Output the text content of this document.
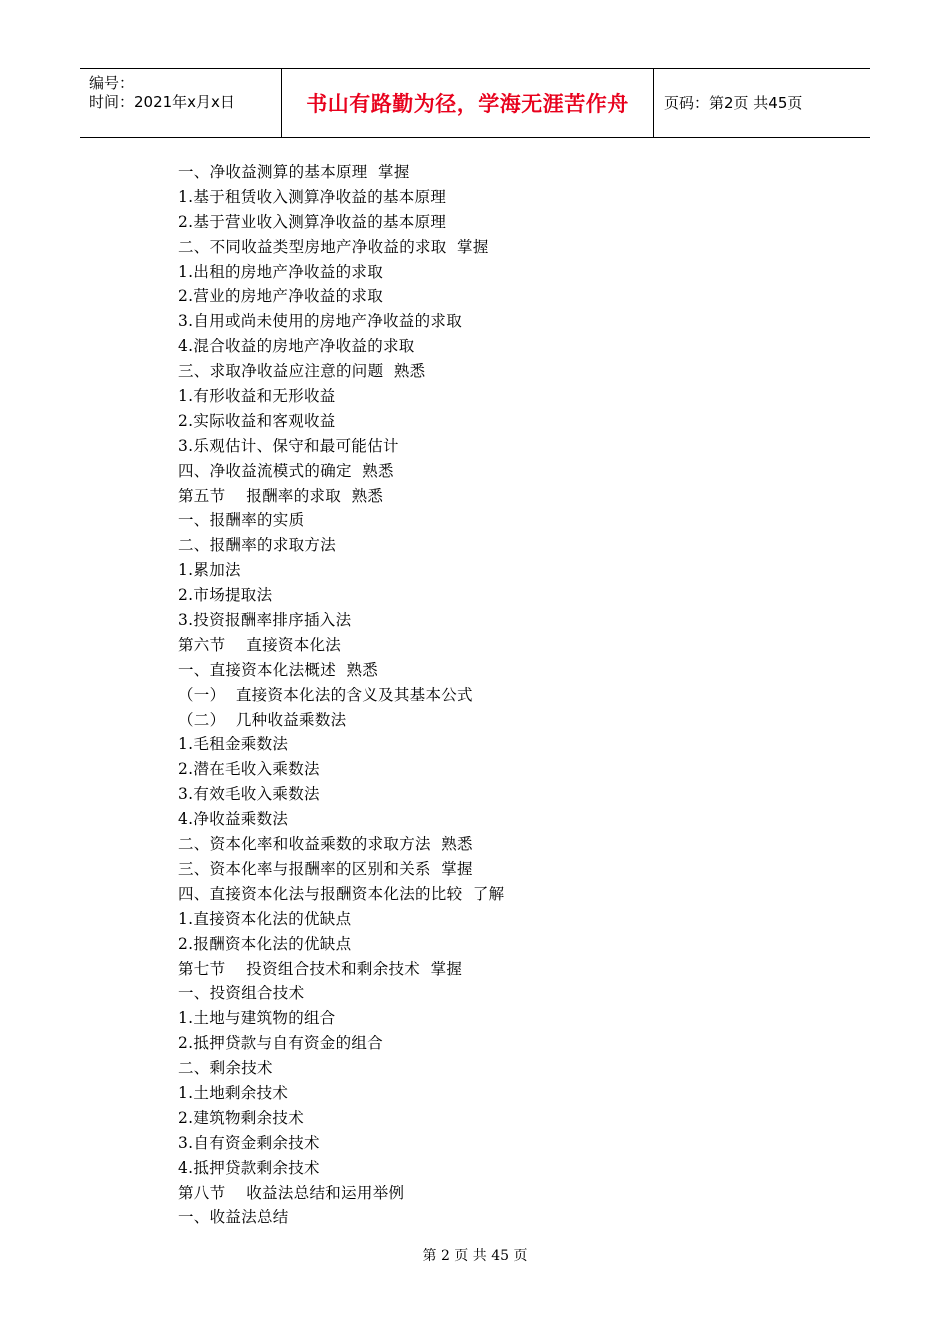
编号：
时间：2021年x月x日	书山有路勤为径，学海无涯苦作舟	页码：第2页 共45页
一、净收益测算的基本原理  掌握
1.基于租赁收入测算净收益的基本原理
2.基于营业收入测算净收益的基本原理
二、不同收益类型房地产净收益的求取  掌握
1.出租的房地产净收益的求取
2.营业的房地产净收益的求取
3.自用或尚未使用的房地产净收益的求取
4.混合收益的房地产净收益的求取
三、求取净收益应注意的问题  熟悉
1.有形收益和无形收益
2.实际收益和客观收益
3.乐观估计、保守和最可能估计
四、净收益流模式的确定  熟悉
第五节    报酬率的求取  熟悉
一、报酬率的实质
二、报酬率的求取方法
1.累加法
2.市场提取法
3.投资报酬率排序插入法
第六节    直接资本化法
一、直接资本化法概述  熟悉
（一）  直接资本化法的含义及其基本公式
（二）  几种收益乘数法
1.毛租金乘数法
2.潜在毛收入乘数法
3.有效毛收入乘数法
4.净收益乘数法
二、资本化率和收益乘数的求取方法  熟悉
三、资本化率与报酬率的区别和关系  掌握
四、直接资本化法与报酬资本化法的比较  了解
1.直接资本化法的优缺点
2.报酬资本化法的优缺点
第七节    投资组合技术和剩余技术  掌握
一、投资组合技术
1.土地与建筑物的组合
2.抵押贷款与自有资金的组合
二、剩余技术
1.土地剩余技术
2.建筑物剩余技术
3.自有资金剩余技术
4.抵押贷款剩余技术
第八节    收益法总结和运用举例
一、收益法总结
第 2 页 共 45 页
